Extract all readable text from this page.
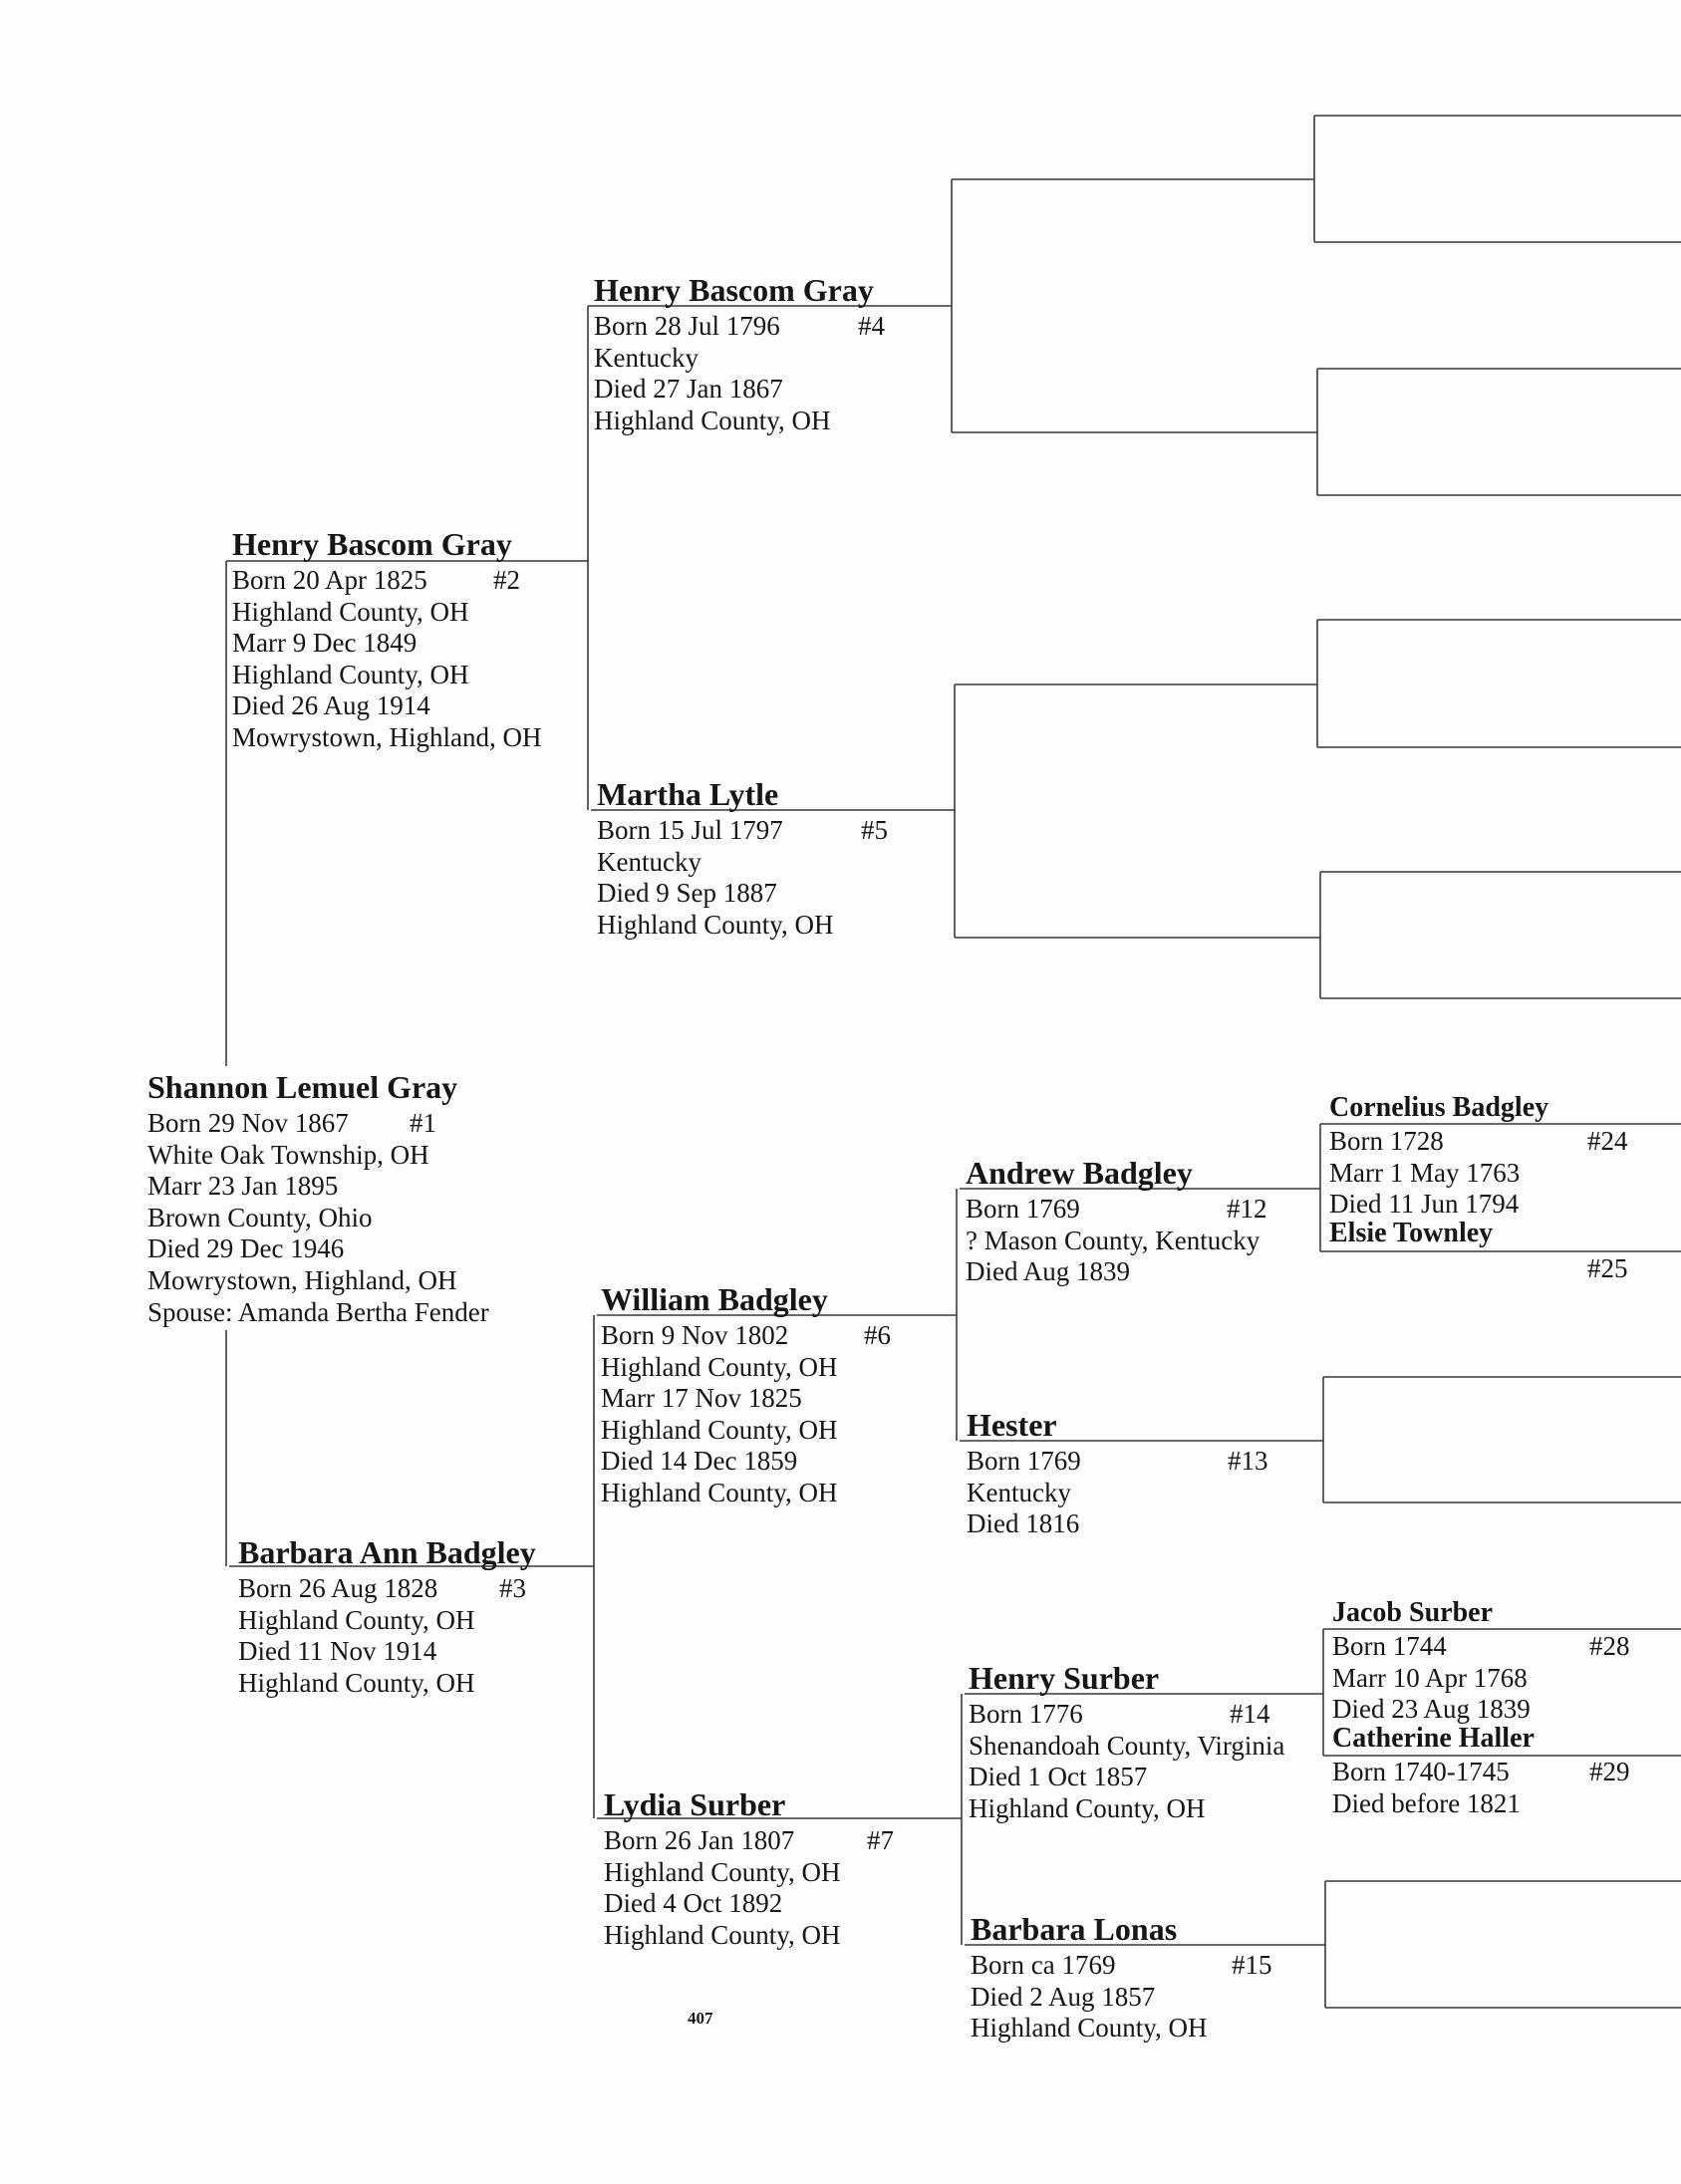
Shannon Lemuel Gray
Born 29 Nov 1867
White Oak Township, OH
Marr 23 Jan 1895
Brown County, Ohio
Died 29 Dec 1946
Mowrystown, Highland, OH
Spouse: Amanda Bertha Fender
#1
Henry Bascom Gray
Born 20 Apr 1825
Highland County, OH
Marr 9 Dec 1849
Highland County, OH
Died 26 Aug 1914
Mowrystown, Highland, OH
#2
Barbara Ann Badgley
Born 26 Aug 1828
Highland County, OH
Died 11 Nov 1914
Highland County, OH
#3
Henry Bascom Gray
Born 28 Jul 1796
Kentucky
Died 27 Jan 1867
Highland County, OH
#4
Martha Lytle
Born 15 Jul 1797
Kentucky
Died 9 Sep 1887
Highland County, OH
#5
William Badgley
Born 9 Nov 1802
Highland County, OH
Marr 17 Nov 1825
Highland County, OH
Died 14 Dec 1859
Highland County, OH
#6
Lydia Surber
Born 26 Jan 1807
Highland County, OH
Died 4 Oct 1892
Highland County, OH
#7
Andrew Badgley
Born 1769
? Mason County, Kentucky
Died Aug 1839
#12
Hester
Born 1769
Kentucky
Died 1816
#13
Henry Surber
Born 1776
Shenandoah County, Virginia
Died 1 Oct 1857
Highland County, OH
#14
Barbara Lonas
Born ca 1769
Died 2 Aug 1857
Highland County, OH
#15
Cornelius Badgley
Born 1728
Marr 1 May 1763
Died 11 Jun 1794
#24
Elsie Townley
#25
Jacob Surber
Born 1744
Marr 10 Apr 1768
Died 23 Aug 1839
#28
Catherine Haller
Born 1740-1745
Died before 1821
#29
407
